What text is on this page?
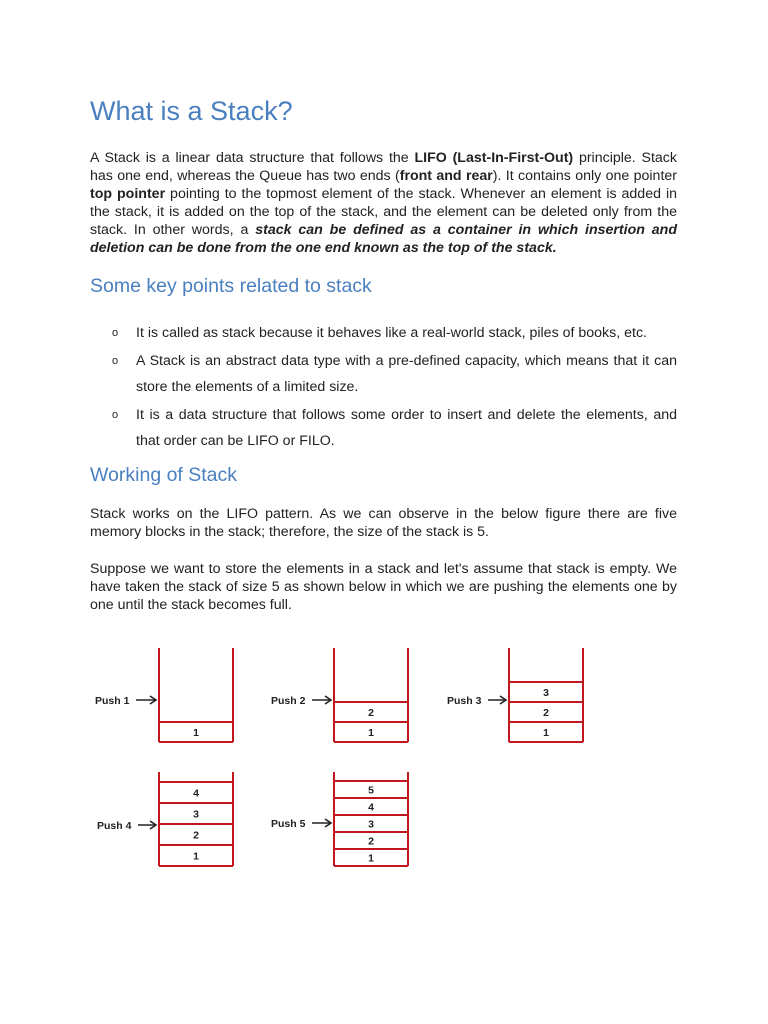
What is a Stack?

A Stack is a linear data structure that follows the LIFO (Last-In-First-Out) principle. Stack has one end, whereas the Queue has two ends (front and rear). It contains only one pointer top pointer pointing to the topmost element of the stack. Whenever an element is added in the stack, it is added on the top of the stack, and the element can be deleted only from the stack. In other words, a stack can be defined as a container in which insertion and deletion can be done from the one end known as the top of the stack.

Some key points related to stack
o It is called as stack because it behaves like a real-world stack, piles of books, etc.
o A Stack is an abstract data type with a pre-defined capacity, which means that it can store the elements of a limited size.
o It is a data structure that follows some order to insert and delete the elements, and that order can be LIFO or FILO.
Working of Stack

Stack works on the LIFO pattern. As we can observe in the below figure there are five memory blocks in the stack; therefore, the size of the stack is 5.

Suppose we want to store the elements in a stack and let's assume that stack is empty. We have taken the stack of size 5 as shown below in which we are pushing the elements one by one until the stack becomes full.

1
Push 1
1
2
Push 2
1
2
3
Push 3
1
2
3
4
Push 4
1
2
3
4
5
Push 5
